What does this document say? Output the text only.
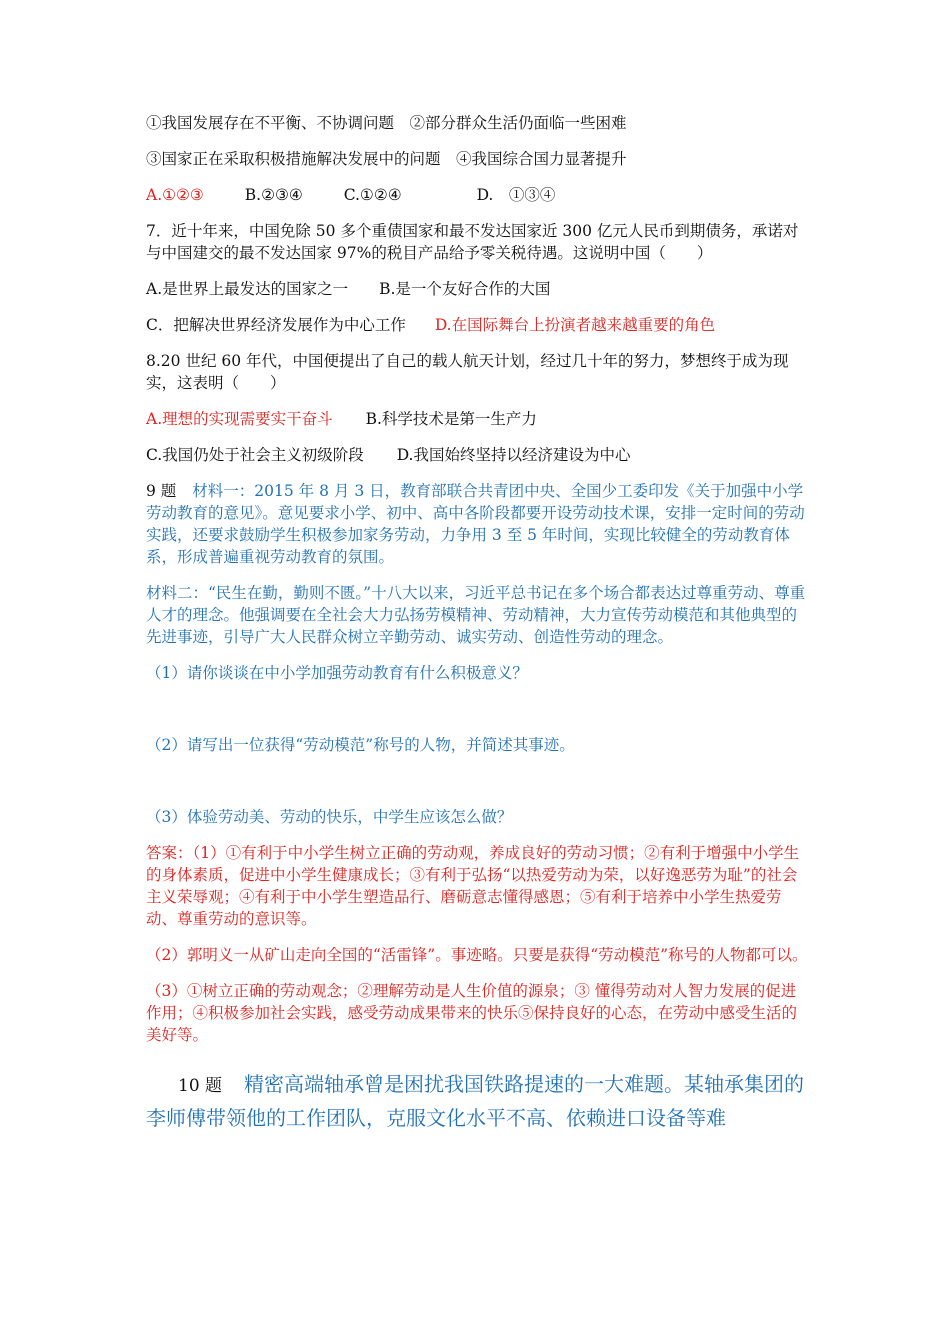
①我国发展存在不平衡、不协调问题　②部分群众生活仍面临一些困难

③国家正在采取积极措施解决发展中的问题　④我国综合国力显著提升

A.①②③	B.②③④	C.①②④	D.　①③④

7．近十年来，中国免除 50 多个重债国家和最不发达国家近 300 亿元人民币到期债务，承诺对与中国建交的最不发达国家 97%的税目产品给予零关税待遇。这说明中国（　　）

A.是世界上最发达的国家之一 B.是一个友好合作的大国

C．把解决世界经济发展作为中心工作 D.在国际舞台上扮演者越来越重要的角色

8.20 世纪 60 年代，中国便提出了自己的载人航天计划，经过几十年的努力，梦想终于成为现实，这表明（　　）

A.理想的实现需要实干奋斗 B.科学技术是第一生产力

C.我国仍处于社会主义初级阶段 D.我国始终坚持以经济建设为中心

9 题 材料一：2015 年 8 月 3 日，教育部联合共青团中央、全国少工委印发《关于加强中小学劳动教育的意见》。意见要求小学、初中、高中各阶段都要开设劳动技术课，安排一定时间的劳动实践，还要求鼓励学生积极参加家务劳动，力争用 3 至 5 年时间，实现比较健全的劳动教育体系，形成普遍重视劳动教育的氛围。

材料二：“民生在勤，勤则不匮。”十八大以来，习近平总书记在多个场合都表达过尊重劳动、尊重人才的理念。他强调要在全社会大力弘扬劳模精神、劳动精神，大力宣传劳动模范和其他典型的先进事迹，引导广大人民群众树立辛勤劳动、诚实劳动、创造性劳动的理念。

（1）请你谈谈在中小学加强劳动教育有什么积极意义？

（2）请写出一位获得“劳动模范”称号的人物，并简述其事迹。

（3）体验劳动美、劳动的快乐，中学生应该怎么做？

答案：（1）①有利于中小学生树立正确的劳动观，养成良好的劳动习惯；②有利于增强中小学生的身体素质，促进中小学生健康成长；③有利于弘扬“以热爱劳动为荣，以好逸恶劳为耻”的社会主义荣辱观；④有利于中小学生塑造品行、磨砺意志懂得感恩；⑤有利于培养中小学生热爱劳动、尊重劳动的意识等。

（2）郭明义一从矿山走向全国的“活雷锋”。事迹略。只要是获得“劳动模范”称号的人物都可以。

（3）①树立正确的劳动观念；②理解劳动是人生价值的源泉；③ 懂得劳动对人智力发展的促进作用；④积极参加社会实践，感受劳动成果带来的快乐⑤保持良好的心态，在劳动中感受生活的美好等。

10 题 精密高端轴承曾是困扰我国铁路提速的一大难题。某轴承集团的李师傅带领他的工作团队，克服文化水平不高、依赖进口设备等难
